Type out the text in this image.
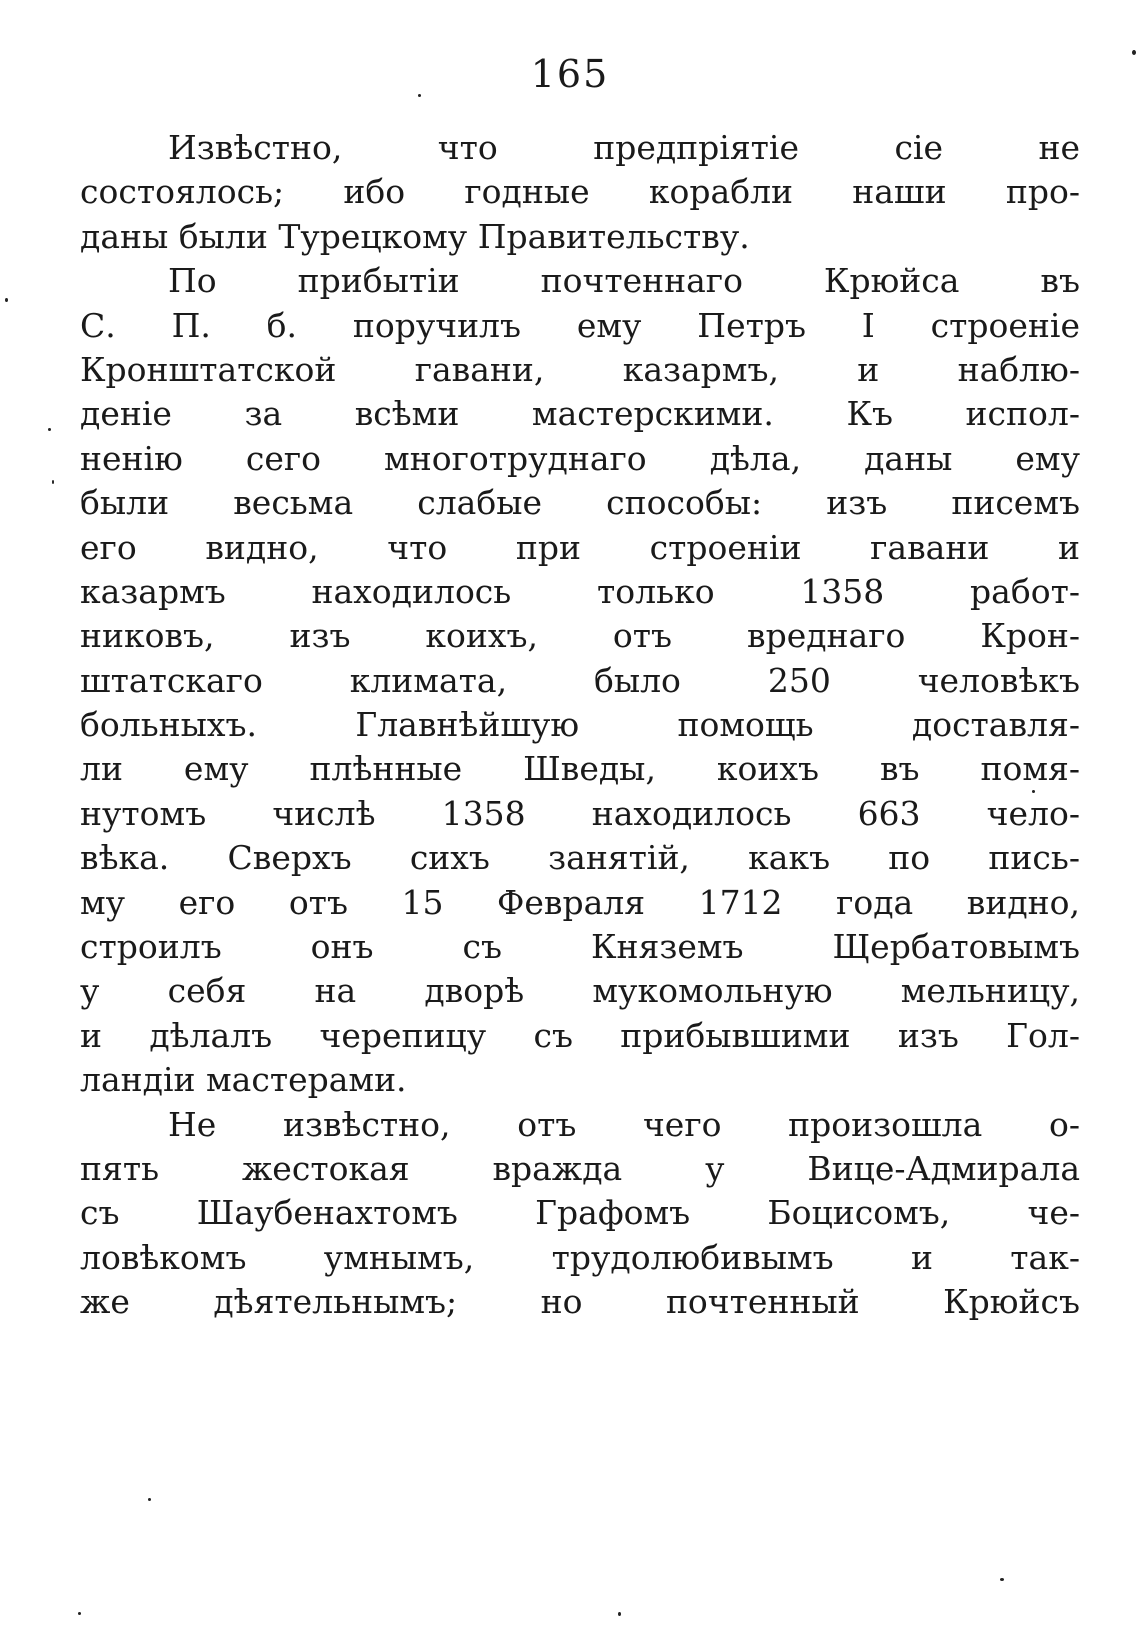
165
Извѣстно, что предпріятіе сіе не
состоялось; ибо годные корабли наши про-
даны были Турецкому Правительству.
По прибытіи почтеннаго Крюйса въ
С. П. б. поручилъ ему Петръ I строеніе
Кронштатской гавани, казармъ, и наблю-
деніе за всѣми мастерскими. Къ испол-
ненію сего многотруднаго дѣла, даны ему
были весьма слабые способы: изъ писемъ
его видно, что при строеніи гавани и
казармъ находилось только 1358 работ-
никовъ, изъ коихъ, отъ вреднаго Крон-
штатскаго климата, было 250 человѣкъ
больныхъ. Главнѣйшую помощь доставля-
ли ему плѣнные Шведы, коихъ въ помя-
нутомъ числѣ 1358 находилось 663 чело-
вѣка. Сверхъ сихъ занятій, какъ по пись-
му его отъ 15 Февраля 1712 года видно,
строилъ онъ съ Княземъ Щербатовымъ
у себя на дворѣ мукомольную мельницу,
и дѣлалъ черепицу съ прибывшими изъ Гол-
ландіи мастерами.
Не извѣстно, отъ чего произошла о-
пять жестокая вражда у Вице-Адмирала
съ Шаубенахтомъ Графомъ Боцисомъ, че-
ловѣкомъ умнымъ, трудолюбивымъ и так-
же дѣятельнымъ; но почтенный Крюйсъ
